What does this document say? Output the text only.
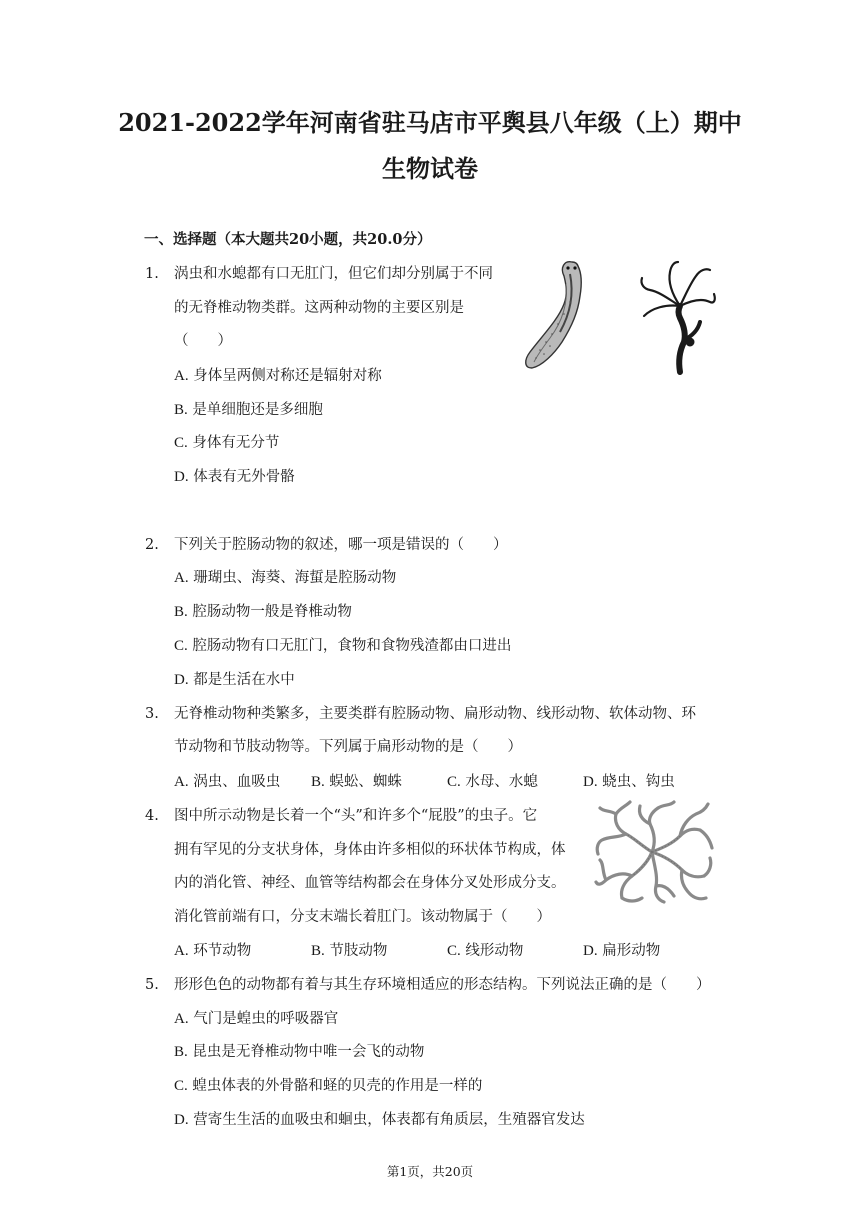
2021-2022学年河南省驻马店市平舆县八年级（上）期中
生物试卷
一、选择题（本大题共20小题，共20.0分）
1. 涡虫和水螅都有口无肛门，但它们却分别属于不同
的无脊椎动物类群。这两种动物的主要区别是
（　　）
A. 身体呈两侧对称还是辐射对称
B. 是单细胞还是多细胞
C. 身体有无分节
D. 体表有无外骨骼
2. 下列关于腔肠动物的叙述，哪一项是错误的（　　）
A. 珊瑚虫、海葵、海蜇是腔肠动物
B. 腔肠动物一般是脊椎动物
C. 腔肠动物有口无肛门，食物和食物残渣都由口进出
D. 都是生活在水中
3. 无脊椎动物种类繁多，主要类群有腔肠动物、扁形动物、线形动物、软体动物、环
节动物和节肢动物等。下列属于扁形动物的是（　　）
A. 涡虫、血吸虫 B. 蜈蚣、蜘蛛	C. 水母、水螅	D. 蛲虫、钩虫
4. 图中所示动物是长着一个“头”和许多个“屁股”的虫子。它
拥有罕见的分支状身体，身体由许多相似的环状体节构成，体
内的消化管、神经、血管等结构都会在身体分叉处形成分支。
消化管前端有口，分支末端长着肛门。该动物属于（　　）
A. 环节动物	B. 节肢动物	C. 线形动物	D. 扁形动物
5. 形形色色的动物都有着与其生存环境相适应的形态结构。下列说法正确的是（　　）
A. 气门是蝗虫的呼吸器官
B. 昆虫是无脊椎动物中唯一会飞的动物
C. 蝗虫体表的外骨骼和蛏的贝壳的作用是一样的
D. 营寄生生活的血吸虫和蛔虫，体表都有角质层，生殖器官发达
第1页，共20页
